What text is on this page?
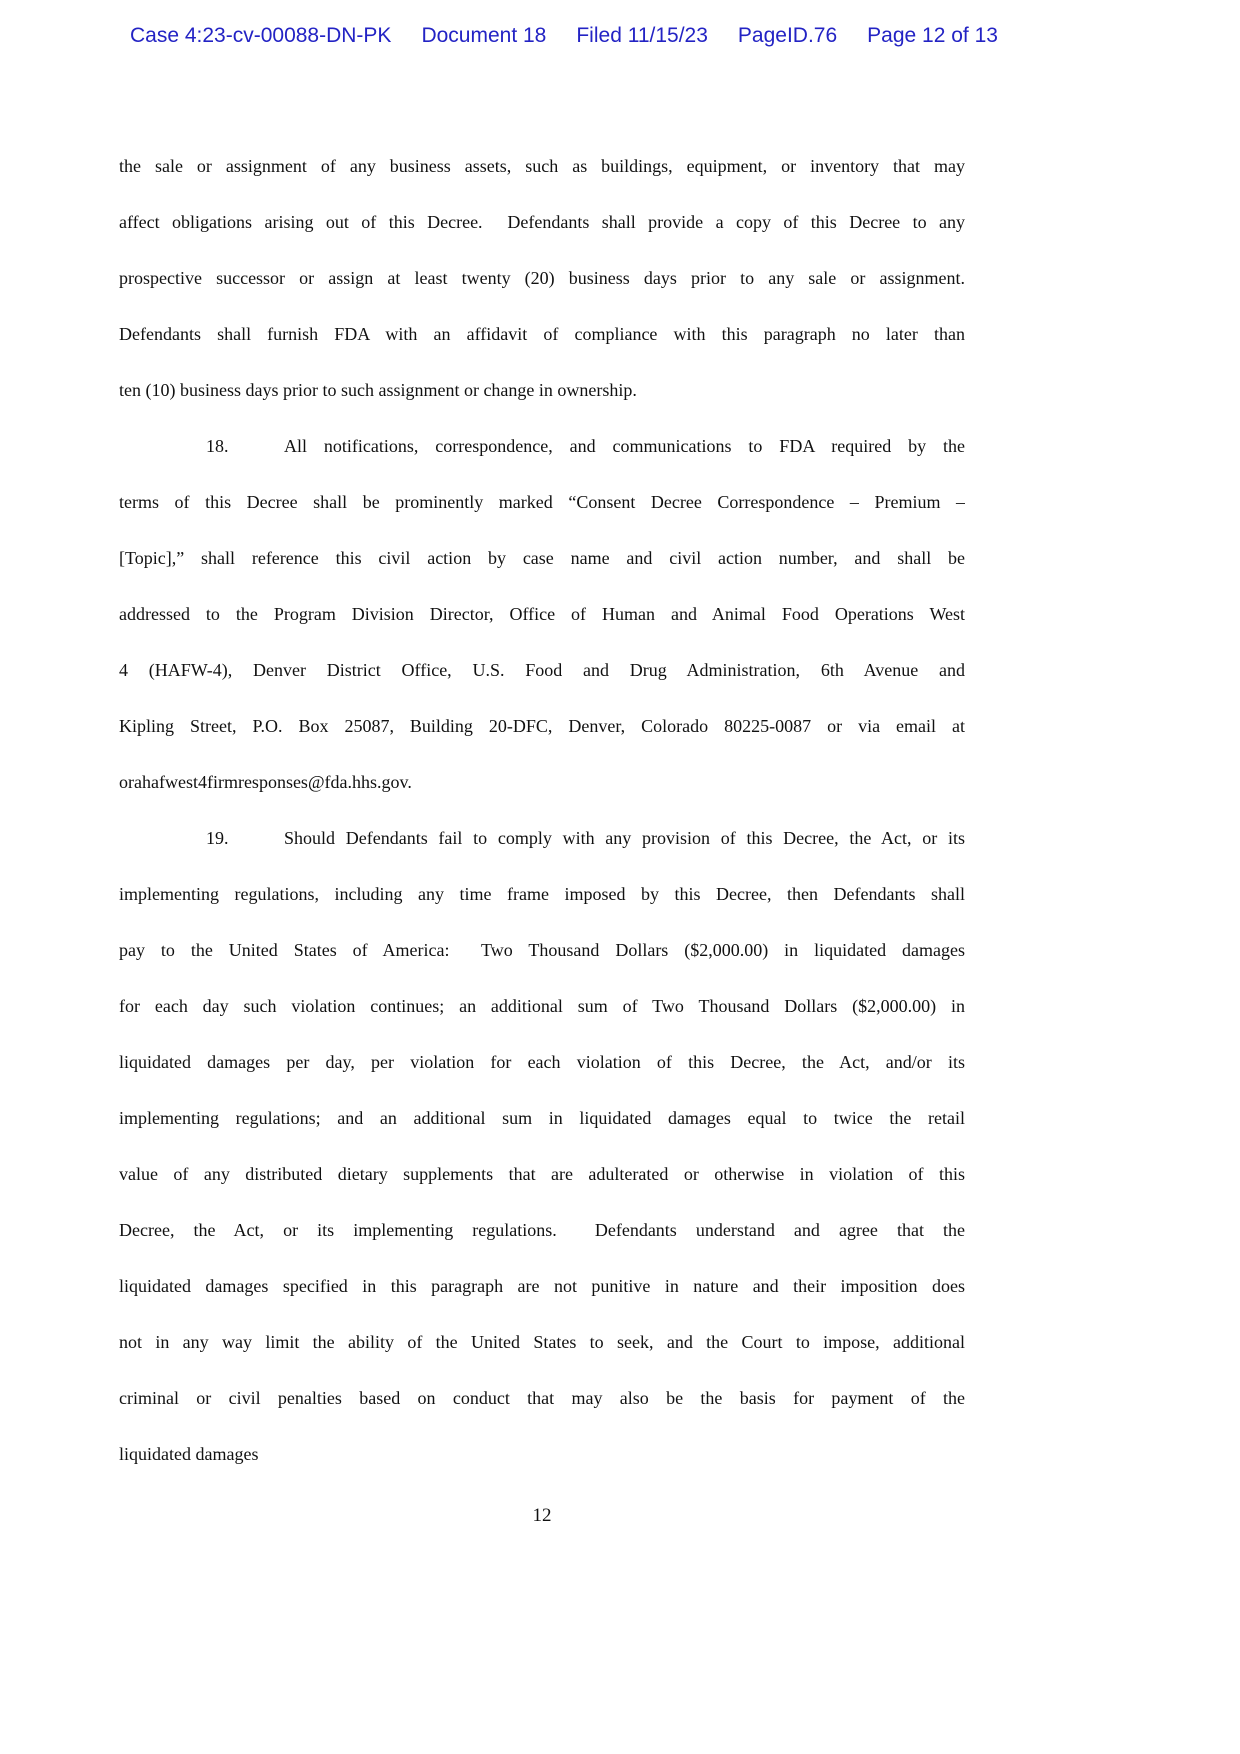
Case 4:23-cv-00088-DN-PK Document 18 Filed 11/15/23 PageID.76 Page 12 of 13
the sale or assignment of any business assets, such as buildings, equipment, or inventory that may
affect obligations arising out of this Decree.  Defendants shall provide a copy of this Decree to any
prospective successor or assign at least twenty (20) business days prior to any sale or assignment.
Defendants shall furnish FDA with an affidavit of compliance with this paragraph no later than
ten (10) business days prior to such assignment or change in ownership.
18.	All notifications, correspondence, and communications to FDA required by the
terms of this Decree shall be prominently marked “Consent Decree Correspondence – Premium –
[Topic],” shall reference this civil action by case name and civil action number, and shall be
addressed to the Program Division Director, Office of Human and Animal Food Operations West
4 (HAFW-4), Denver District Office, U.S. Food and Drug Administration, 6th Avenue and
Kipling Street, P.O. Box 25087, Building 20-DFC, Denver, Colorado 80225-0087 or via email at
orahafwest4firmresponses@fda.hhs.gov.
19.	Should Defendants fail to comply with any provision of this Decree, the Act, or its
implementing regulations, including any time frame imposed by this Decree, then Defendants shall
pay to the United States of America:  Two Thousand Dollars ($2,000.00) in liquidated damages
for each day such violation continues; an additional sum of Two Thousand Dollars ($2,000.00) in
liquidated damages per day, per violation for each violation of this Decree, the Act, and/or its
implementing regulations; and an additional sum in liquidated damages equal to twice the retail
value of any distributed dietary supplements that are adulterated or otherwise in violation of this
Decree, the Act, or its implementing regulations.  Defendants understand and agree that the
liquidated damages specified in this paragraph are not punitive in nature and their imposition does
not in any way limit the ability of the United States to seek, and the Court to impose, additional
criminal or civil penalties based on conduct that may also be the basis for payment of the
liquidated damages
12
